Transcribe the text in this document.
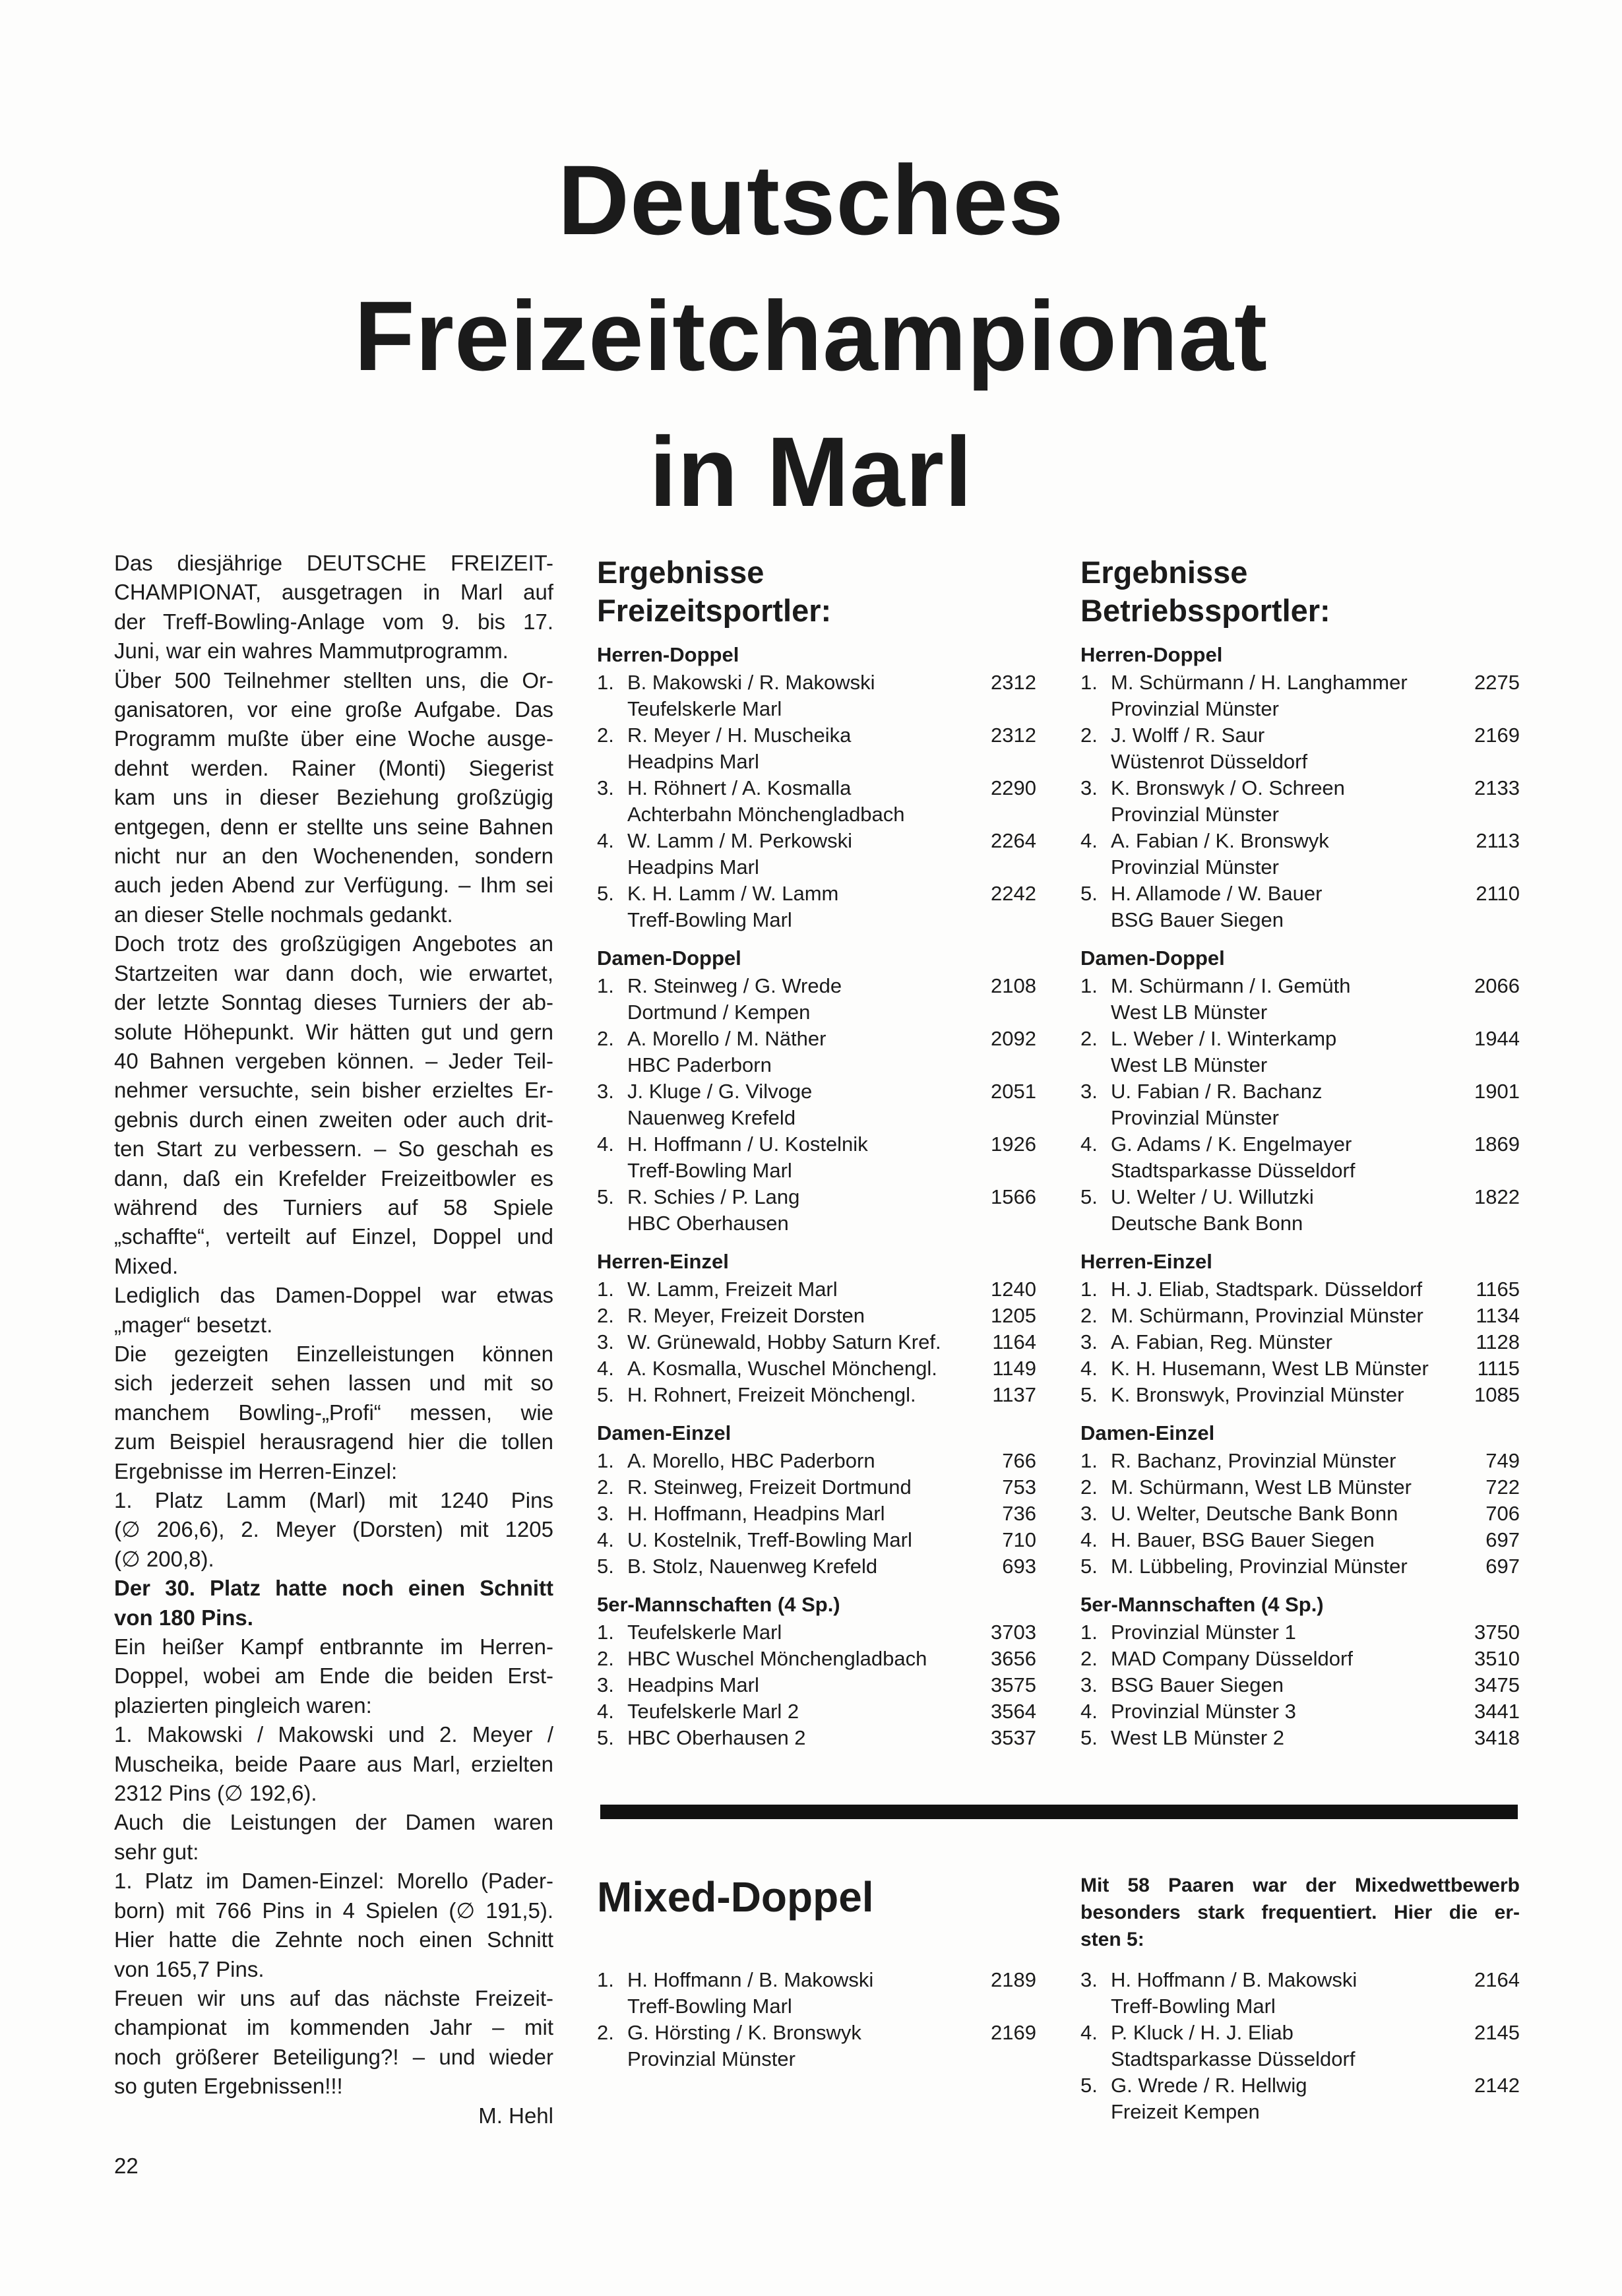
Deutsches
Freizeitchampionat
in Marl
Das diesjährige DEUTSCHE FREIZEIT-
CHAMPIONAT, ausgetragen in Marl auf
der Treff-Bowling-Anlage vom 9. bis 17.
Juni, war ein wahres Mammutprogramm.
Über 500 Teilnehmer stellten uns, die Or-
ganisatoren, vor eine große Aufgabe. Das
Programm mußte über eine Woche ausge-
dehnt werden. Rainer (Monti) Siegerist
kam uns in dieser Beziehung großzügig
entgegen, denn er stellte uns seine Bahnen
nicht nur an den Wochenenden, sondern
auch jeden Abend zur Verfügung. – Ihm sei
an dieser Stelle nochmals gedankt.
Doch trotz des großzügigen Angebotes an
Startzeiten war dann doch, wie erwartet,
der letzte Sonntag dieses Turniers der ab-
solute Höhepunkt. Wir hätten gut und gern
40 Bahnen vergeben können. – Jeder Teil-
nehmer versuchte, sein bisher erzieltes Er-
gebnis durch einen zweiten oder auch drit-
ten Start zu verbessern. – So geschah es
dann, daß ein Krefelder Freizeitbowler es
während des Turniers auf 58 Spiele
„schaffte“, verteilt auf Einzel, Doppel und
Mixed.
Lediglich das Damen-Doppel war etwas
„mager“ besetzt.
Die gezeigten Einzelleistungen können
sich jederzeit sehen lassen und mit so
manchem Bowling-„Profi“ messen, wie
zum Beispiel herausragend hier die tollen
Ergebnisse im Herren-Einzel:
1. Platz Lamm (Marl) mit 1240 Pins
(∅ 206,6), 2. Meyer (Dorsten) mit 1205
(∅ 200,8).
Der 30. Platz hatte noch einen Schnitt
von 180 Pins.
Ein heißer Kampf entbrannte im Herren-
Doppel, wobei am Ende die beiden Erst-
plazierten pingleich waren:
1. Makowski / Makowski und 2. Meyer /
Muscheika, beide Paare aus Marl, erzielten
2312 Pins (∅ 192,6).
Auch die Leistungen der Damen waren
sehr gut:
1. Platz im Damen-Einzel: Morello (Pader-
born) mit 766 Pins in 4 Spielen (∅ 191,5).
Hier hatte die Zehnte noch einen Schnitt
von 165,7 Pins.
Freuen wir uns auf das nächste Freizeit-
championat im kommenden Jahr – mit
noch größerer Beteiligung?! – und wieder
so guten Ergebnissen!!!
M. Hehl
Ergebnisse
Freizeitsportler:
Herren-Doppel
1. B. Makowski / R. Makowski
Teufelskerle Marl
2312
2. R. Meyer / H. Muscheika
Headpins Marl
2312
3. H. Röhnert / A. Kosmalla
Achterbahn Mönchengladbach
2290
4. W. Lamm / M. Perkowski
Headpins Marl
2264
5. K. H. Lamm / W. Lamm
Treff-Bowling Marl
2242
Damen-Doppel
1. R. Steinweg / G. Wrede
Dortmund / Kempen
2108
2. A. Morello / M. Näther
HBC Paderborn
2092
3. J. Kluge / G. Vilvoge
Nauenweg Krefeld
2051
4. H. Hoffmann / U. Kostelnik
Treff-Bowling Marl
1926
5. R. Schies / P. Lang
HBC Oberhausen
1566
Herren-Einzel
1. W. Lamm, Freizeit Marl	1240
2. R. Meyer, Freizeit Dorsten	1205
3. W. Grünewald, Hobby Saturn Kref.	1164
4. A. Kosmalla, Wuschel Mönchengl.	1149
5. H. Rohnert, Freizeit Mönchengl.	1137
Damen-Einzel
1. A. Morello, HBC Paderborn	766
2. R. Steinweg, Freizeit Dortmund	753
3. H. Hoffmann, Headpins Marl	736
4. U. Kostelnik, Treff-Bowling Marl	710
5. B. Stolz, Nauenweg Krefeld	693
5er-Mannschaften (4 Sp.)
1. Teufelskerle Marl	3703
2. HBC Wuschel Mönchengladbach	3656
3. Headpins Marl	3575
4. Teufelskerle Marl 2	3564
5. HBC Oberhausen 2	3537
Ergebnisse
Betriebssportler:
Herren-Doppel
1. M. Schürmann / H. Langhammer
Provinzial Münster
2275
2. J. Wolff / R. Saur
Wüstenrot Düsseldorf
2169
3. K. Bronswyk / O. Schreen
Provinzial Münster
2133
4. A. Fabian / K. Bronswyk
Provinzial Münster
2113
5. H. Allamode / W. Bauer
BSG Bauer Siegen
2110
Damen-Doppel
1. M. Schürmann / I. Gemüth
West LB Münster
2066
2. L. Weber / I. Winterkamp
West LB Münster
1944
3. U. Fabian / R. Bachanz
Provinzial Münster
1901
4. G. Adams / K. Engelmayer
Stadtsparkasse Düsseldorf
1869
5. U. Welter / U. Willutzki
Deutsche Bank Bonn
1822
Herren-Einzel
1. H. J. Eliab, Stadtspark. Düsseldorf	1165
2. M. Schürmann, Provinzial Münster	1134
3. A. Fabian, Reg. Münster	1128
4. K. H. Husemann, West LB Münster	1115
5. K. Bronswyk, Provinzial Münster	1085
Damen-Einzel
1. R. Bachanz, Provinzial Münster	749
2. M. Schürmann, West LB Münster	722
3. U. Welter, Deutsche Bank Bonn	706
4. H. Bauer, BSG Bauer Siegen	697
5. M. Lübbeling, Provinzial Münster	697
5er-Mannschaften (4 Sp.)
1. Provinzial Münster 1	3750
2. MAD Company Düsseldorf	3510
3. BSG Bauer Siegen	3475
4. Provinzial Münster 3	3441
5. West LB Münster 2	3418
Mixed-Doppel	Mit 58 Paaren war der Mixedwettbewerb
besonders stark frequentiert. Hier die er-
sten 5:
1. H. Hoffmann / B. Makowski
Treff-Bowling Marl
2189
2. G. Hörsting / K. Bronswyk
Provinzial Münster
2169
3. H. Hoffmann / B. Makowski
Treff-Bowling Marl
2164
4. P. Kluck / H. J. Eliab
Stadtsparkasse Düsseldorf
2145
5. G. Wrede / R. Hellwig
Freizeit Kempen
2142
22
